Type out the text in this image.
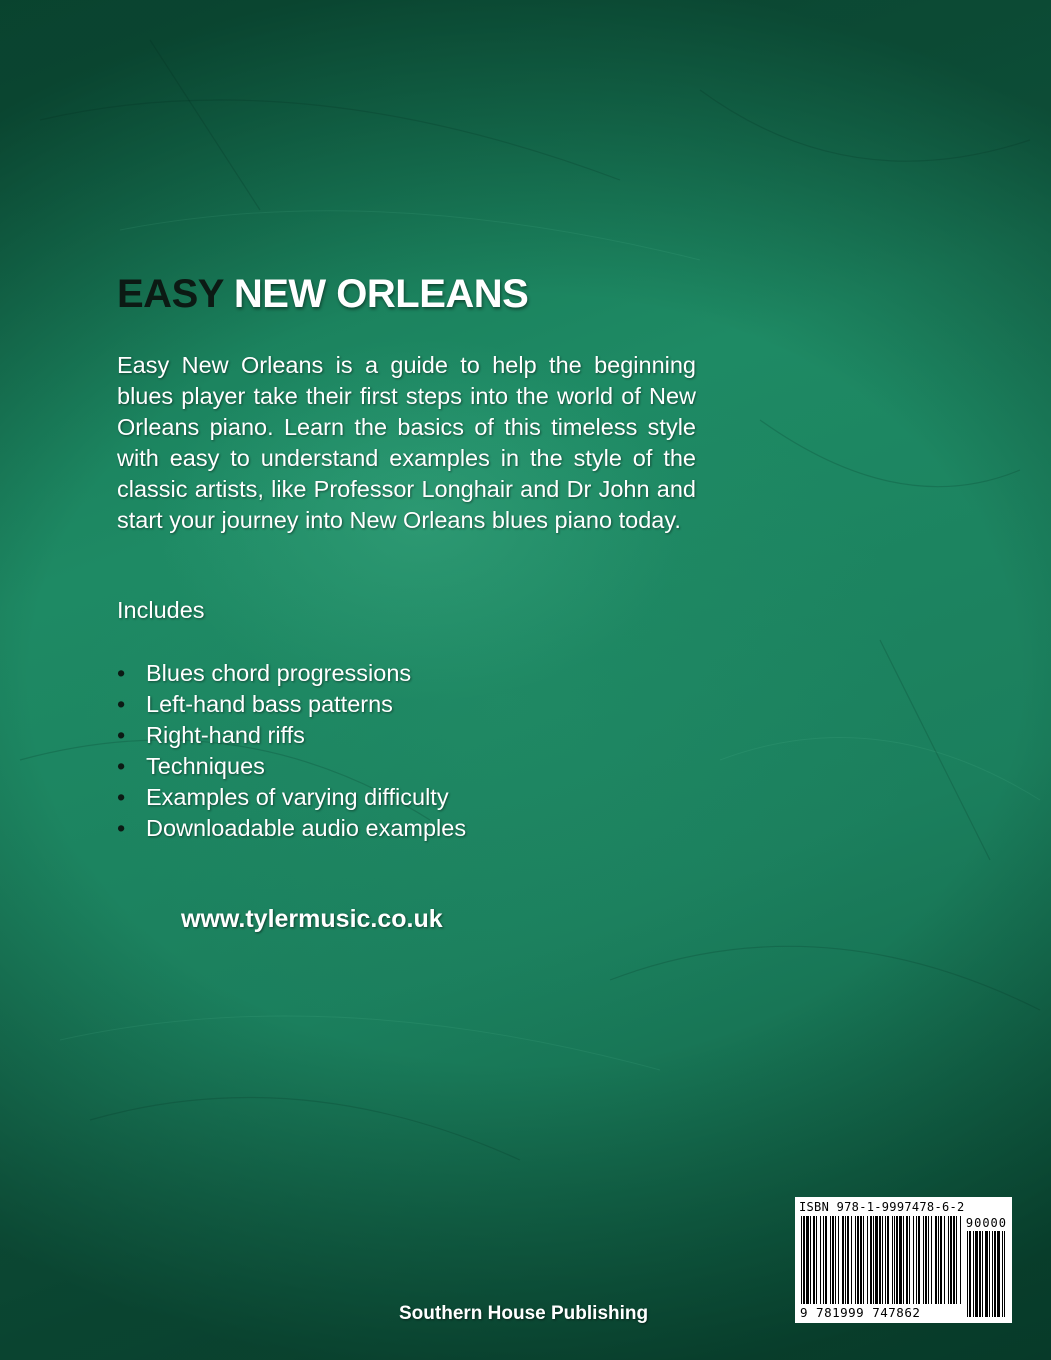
EASY NEW ORLEANS

Easy New Orleans is a guide to help the beginning blues player take their first steps into the world of New Orleans piano. Learn the basics of this timeless style with easy to understand examples in the style of the classic artists, like Professor Longhair and Dr John and start your journey into New Orleans blues piano today.

Includes

• Blues chord progressions
• Left-hand bass patterns
• Right-hand riffs
• Techniques
• Examples of varying difficulty
• Downloadable audio examples
www.tylermusic.co.uk
Southern House Publishing
ISBN 978-1-9997478-6-2
90000
9 781999 747862
